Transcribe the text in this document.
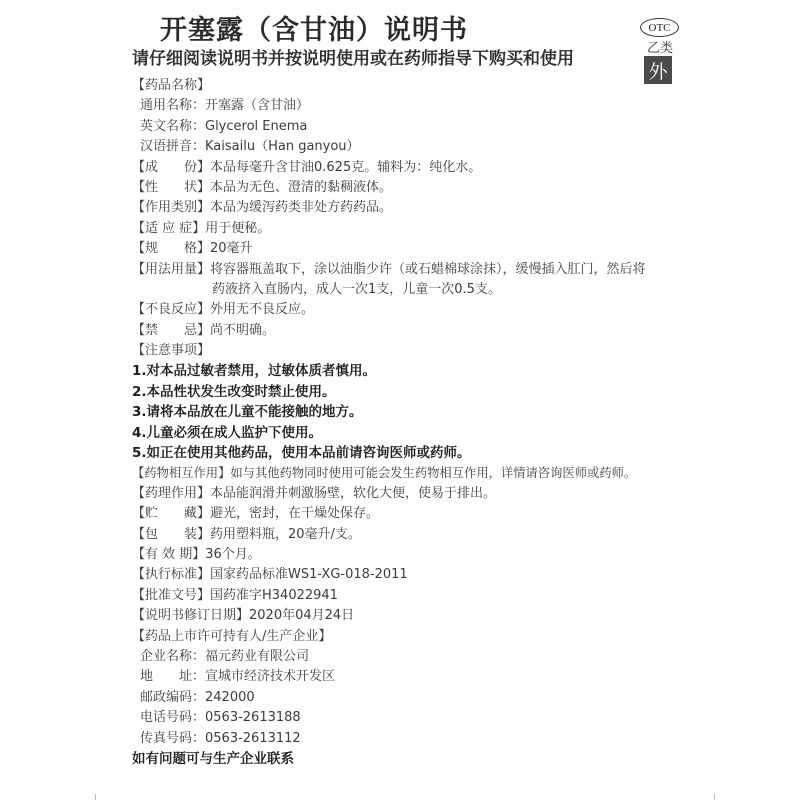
开塞露（含甘油）说明书
请仔细阅读说明书并按说明使用或在药师指导下购买和使用
OTC
乙类
外
【药品名称】
通用名称：开塞露（含甘油）
英文名称：Glycerol Enema
汉语拼音：Kaisailu（Han ganyou）
【成　　份】本品每毫升含甘油0.625克。辅料为：纯化水。
【性　　状】本品为无色、澄清的黏稠液体。
【作用类别】本品为缓泻药类非处方药药品。
【适 应 症】用于便秘。
【规　　格】20毫升
【用法用量】将容器瓶盖取下，涂以油脂少许（或石蜡棉球涂抹），缓慢插入肛门，然后将
药液挤入直肠内，成人一次1支，儿童一次0.5支。
【不良反应】外用无不良反应。
【禁　　忌】尚不明确。
【注意事项】
1.对本品过敏者禁用，过敏体质者慎用。
2.本品性状发生改变时禁止使用。
3.请将本品放在儿童不能接触的地方。
4.儿童必须在成人监护下使用。
5.如正在使用其他药品，使用本品前请咨询医师或药师。
【药物相互作用】如与其他药物同时使用可能会发生药物相互作用，详情请咨询医师或药师。
【药理作用】本品能润滑并刺激肠壁，软化大便，使易于排出。
【贮　　藏】避光，密封，在干燥处保存。
【包　　装】药用塑料瓶，20毫升/支。
【有 效 期】36个月。
【执行标准】国家药品标准WS1-XG-018-2011
【批准文号】国药准字H34022941
【说明书修订日期】2020年04月24日
【药品上市许可持有人/生产企业】
企业名称：福元药业有限公司
地　　址：宣城市经济技术开发区
邮政编码：242000
电话号码：0563-2613188
传真号码：0563-2613112
如有问题可与生产企业联系
